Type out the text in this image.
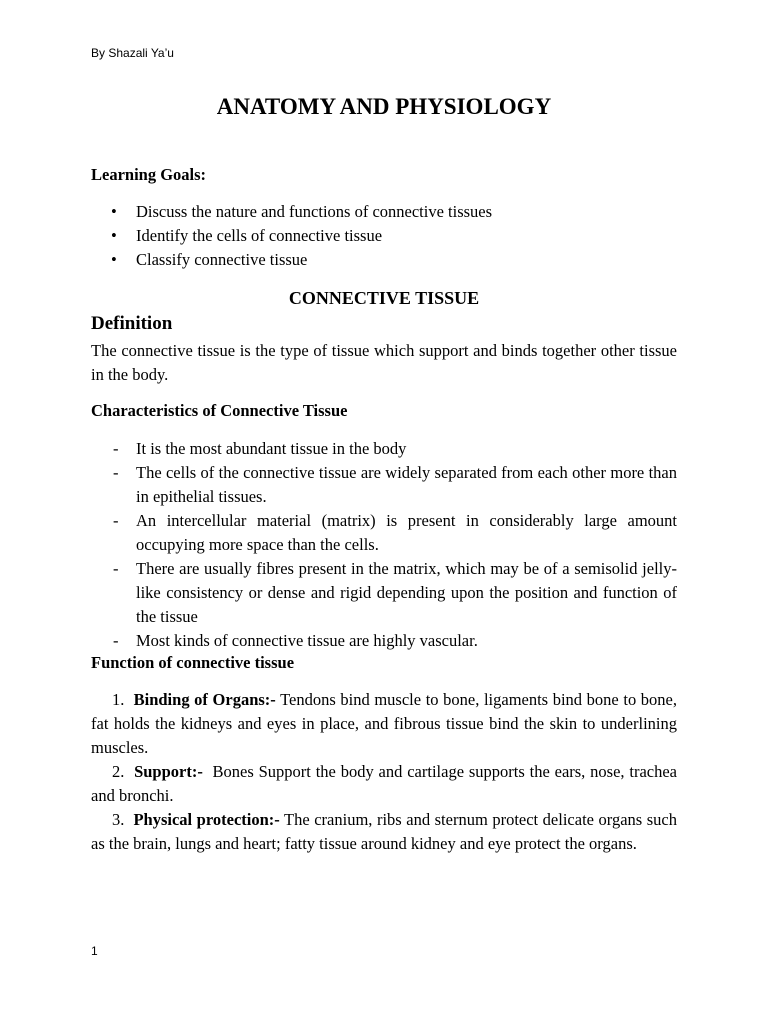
By Shazali Ya’u
ANATOMY AND PHYSIOLOGY
Learning Goals:
• Discuss the nature and functions of connective tissues
• Identify the cells of connective tissue
• Classify connective tissue
CONNECTIVE TISSUE
Definition

The connective tissue is the type of tissue which support and binds together other tissue in the body.

Characteristics of Connective Tissue
- It is the most abundant tissue in the body
- The cells of the connective tissue are widely separated from each other more than in epithelial tissues.
- An intercellular material (matrix) is present in considerably large amount occupying more space than the cells.
- There are usually fibres present in the matrix, which may be of a semisolid jelly-like consistency or dense and rigid depending upon the position and function of the tissue
- Most kinds of connective tissue are highly vascular.
Function of connective tissue
1. Binding of Organs:- Tendons bind muscle to bone, ligaments bind bone to bone, fat holds the kidneys and eyes in place, and fibrous tissue bind the skin to underlining muscles.
2. Support:- Bones Support the body and cartilage supports the ears, nose, trachea and bronchi.
3. Physical protection:- The cranium, ribs and sternum protect delicate organs such as the brain, lungs and heart; fatty tissue around kidney and eye protect the organs.
1
